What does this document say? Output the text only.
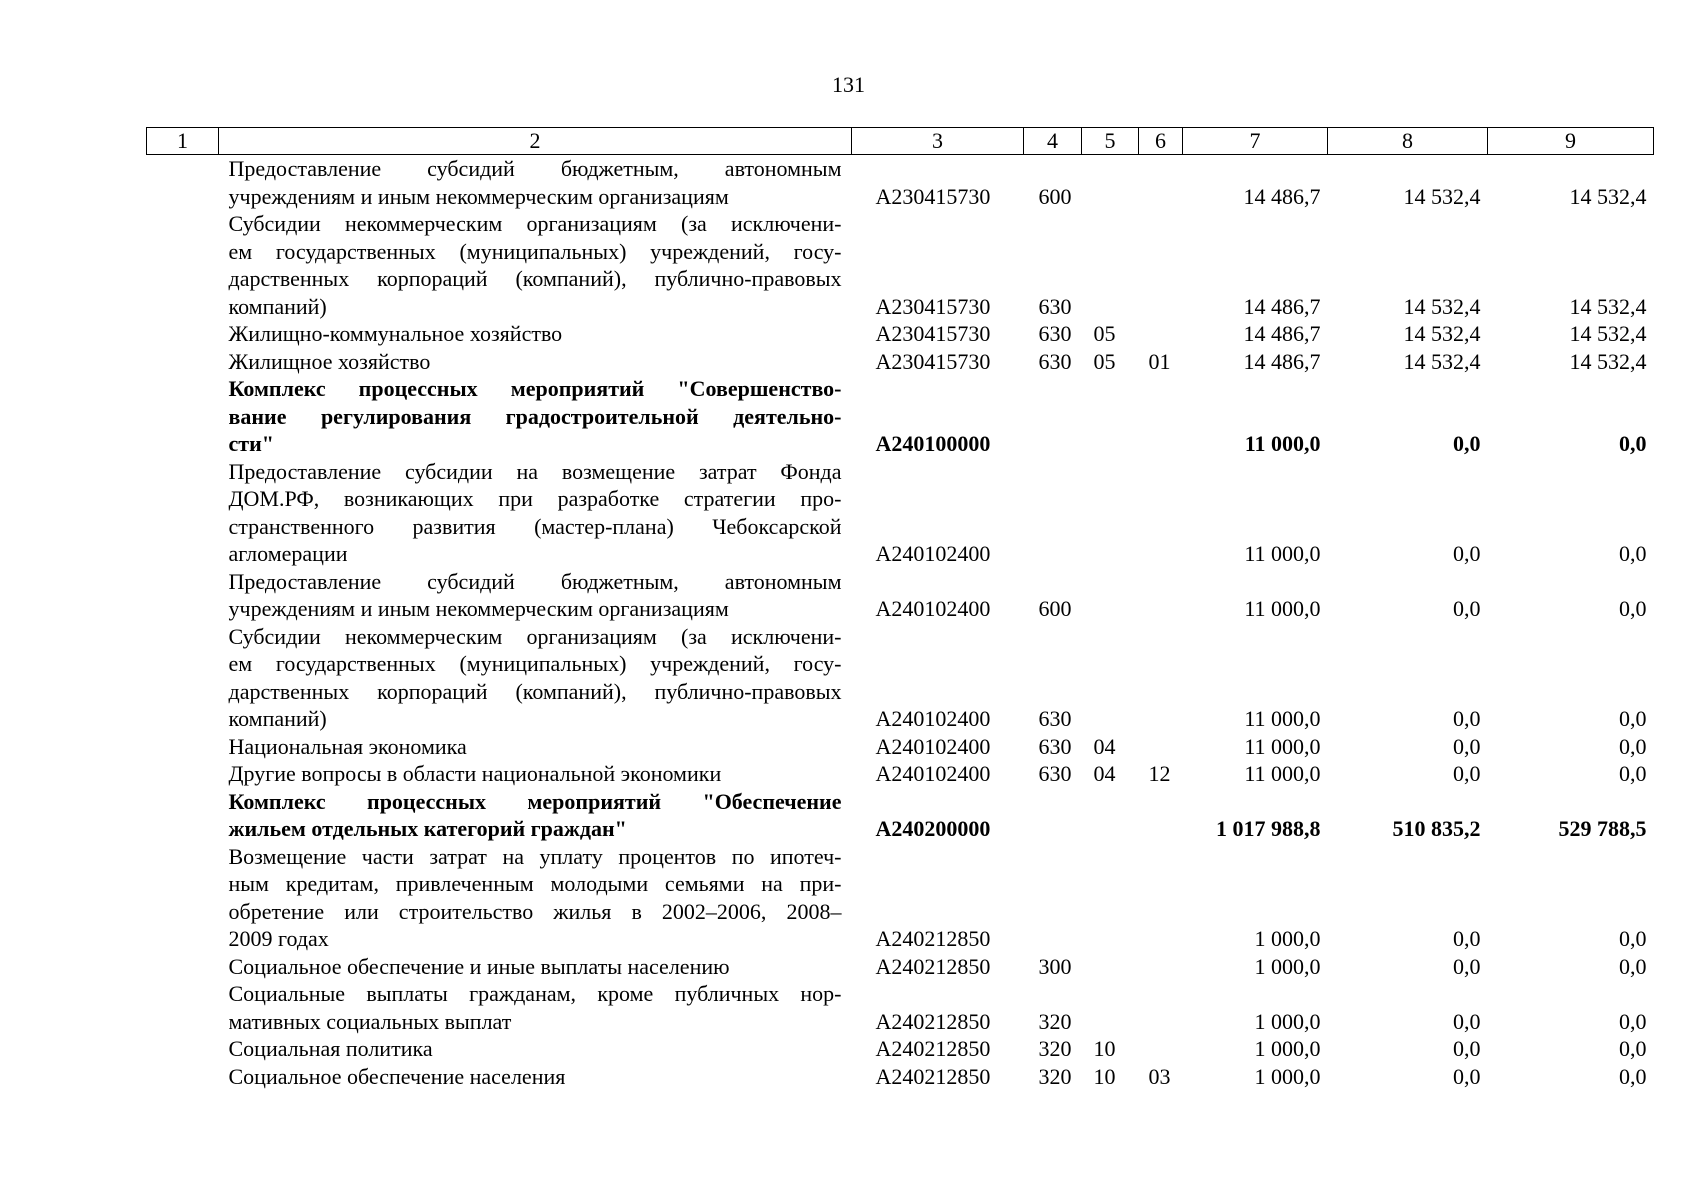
131
1	2	3	4	5	6	7	8	9

	Предоставление субсидий бюджетным, автономным
учреждениям и иным некоммерческим организациям	А230415730	600			14 486,7	14 532,4	14 532,4

	Субсидии некоммерческим организациям (за исключени-
ем государственных (муниципальных) учреждений, госу-
дарственных корпораций (компаний), публично-правовых
компаний)	А230415730	630			14 486,7	14 532,4	14 532,4

	Жилищно-коммунальное хозяйство	А230415730	630	05		14 486,7	14 532,4	14 532,4

	Жилищное хозяйство	А230415730	630	05	01	14 486,7	14 532,4	14 532,4

	Комплекс процессных мероприятий "Совершенство-
вание регулирования градостроительной деятельно-
сти"	А240100000				11 000,0	0,0	0,0

	Предоставление субсидии на возмещение затрат Фонда
ДОМ.РФ, возникающих при разработке стратегии про-
странственного развития (мастер-плана) Чебоксарской
агломерации	А240102400				11 000,0	0,0	0,0

	Предоставление субсидий бюджетным, автономным
учреждениям и иным некоммерческим организациям	А240102400	600			11 000,0	0,0	0,0

	Субсидии некоммерческим организациям (за исключени-
ем государственных (муниципальных) учреждений, госу-
дарственных корпораций (компаний), публично-правовых
компаний)	А240102400	630			11 000,0	0,0	0,0

	Национальная экономика	А240102400	630	04		11 000,0	0,0	0,0

	Другие вопросы в области национальной экономики	А240102400	630	04	12	11 000,0	0,0	0,0

	Комплекс процессных мероприятий "Обеспечение
жильем отдельных категорий граждан"	А240200000				1 017 988,8	510 835,2	529 788,5

	Возмещение части затрат на уплату процентов по ипотеч-
ным кредитам, привлеченным молодыми семьями на при-
обретение или строительство жилья в 2002–2006, 2008–
2009 годах	А240212850				1 000,0	0,0	0,0

	Социальное обеспечение и иные выплаты населению	А240212850	300			1 000,0	0,0	0,0

	Социальные выплаты гражданам, кроме публичных нор-
мативных социальных выплат	А240212850	320			1 000,0	0,0	0,0

	Социальная политика	А240212850	320	10		1 000,0	0,0	0,0

	Социальное обеспечение населения	А240212850	320	10	03	1 000,0	0,0	0,0
